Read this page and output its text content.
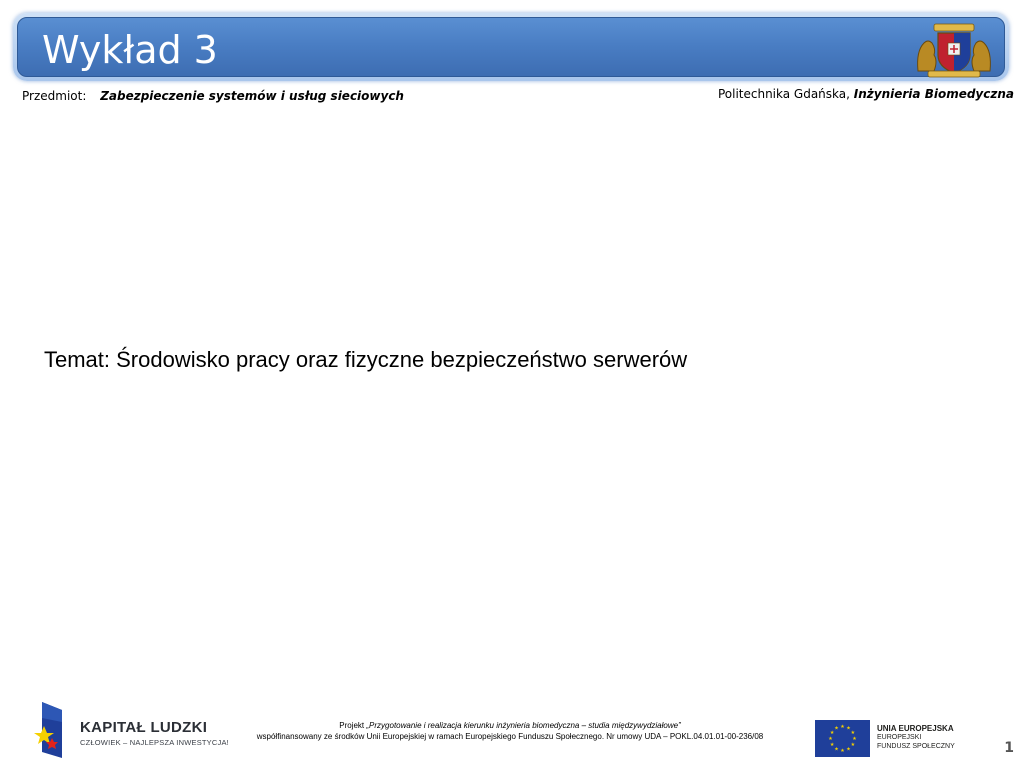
Wykład 3
Przedmiot: Zabezpieczenie systemów i usług sieciowych	Politechnika Gdańska, Inżynieria Biomedyczna
Temat: Środowisko pracy oraz fizyczne bezpieczeństwo serwerów
KAPITAŁ LUDZKI
CZŁOWIEK – NAJLEPSZA INWESTYCJA!
Projekt „Przygotowanie i realizacja kierunku inżynieria biomedyczna – studia międzywydziałowe”
współfinansowany ze środków Unii Europejskiej w ramach Europejskiego Funduszu Społecznego. Nr umowy UDA – POKL.04.01.01-00-236/08
★ ★
★
★
★
★
★
★
★
★
★
★	UNIA EUROPEJSKA
EUROPEJSKI
FUNDUSZ SPOŁECZNY	1
